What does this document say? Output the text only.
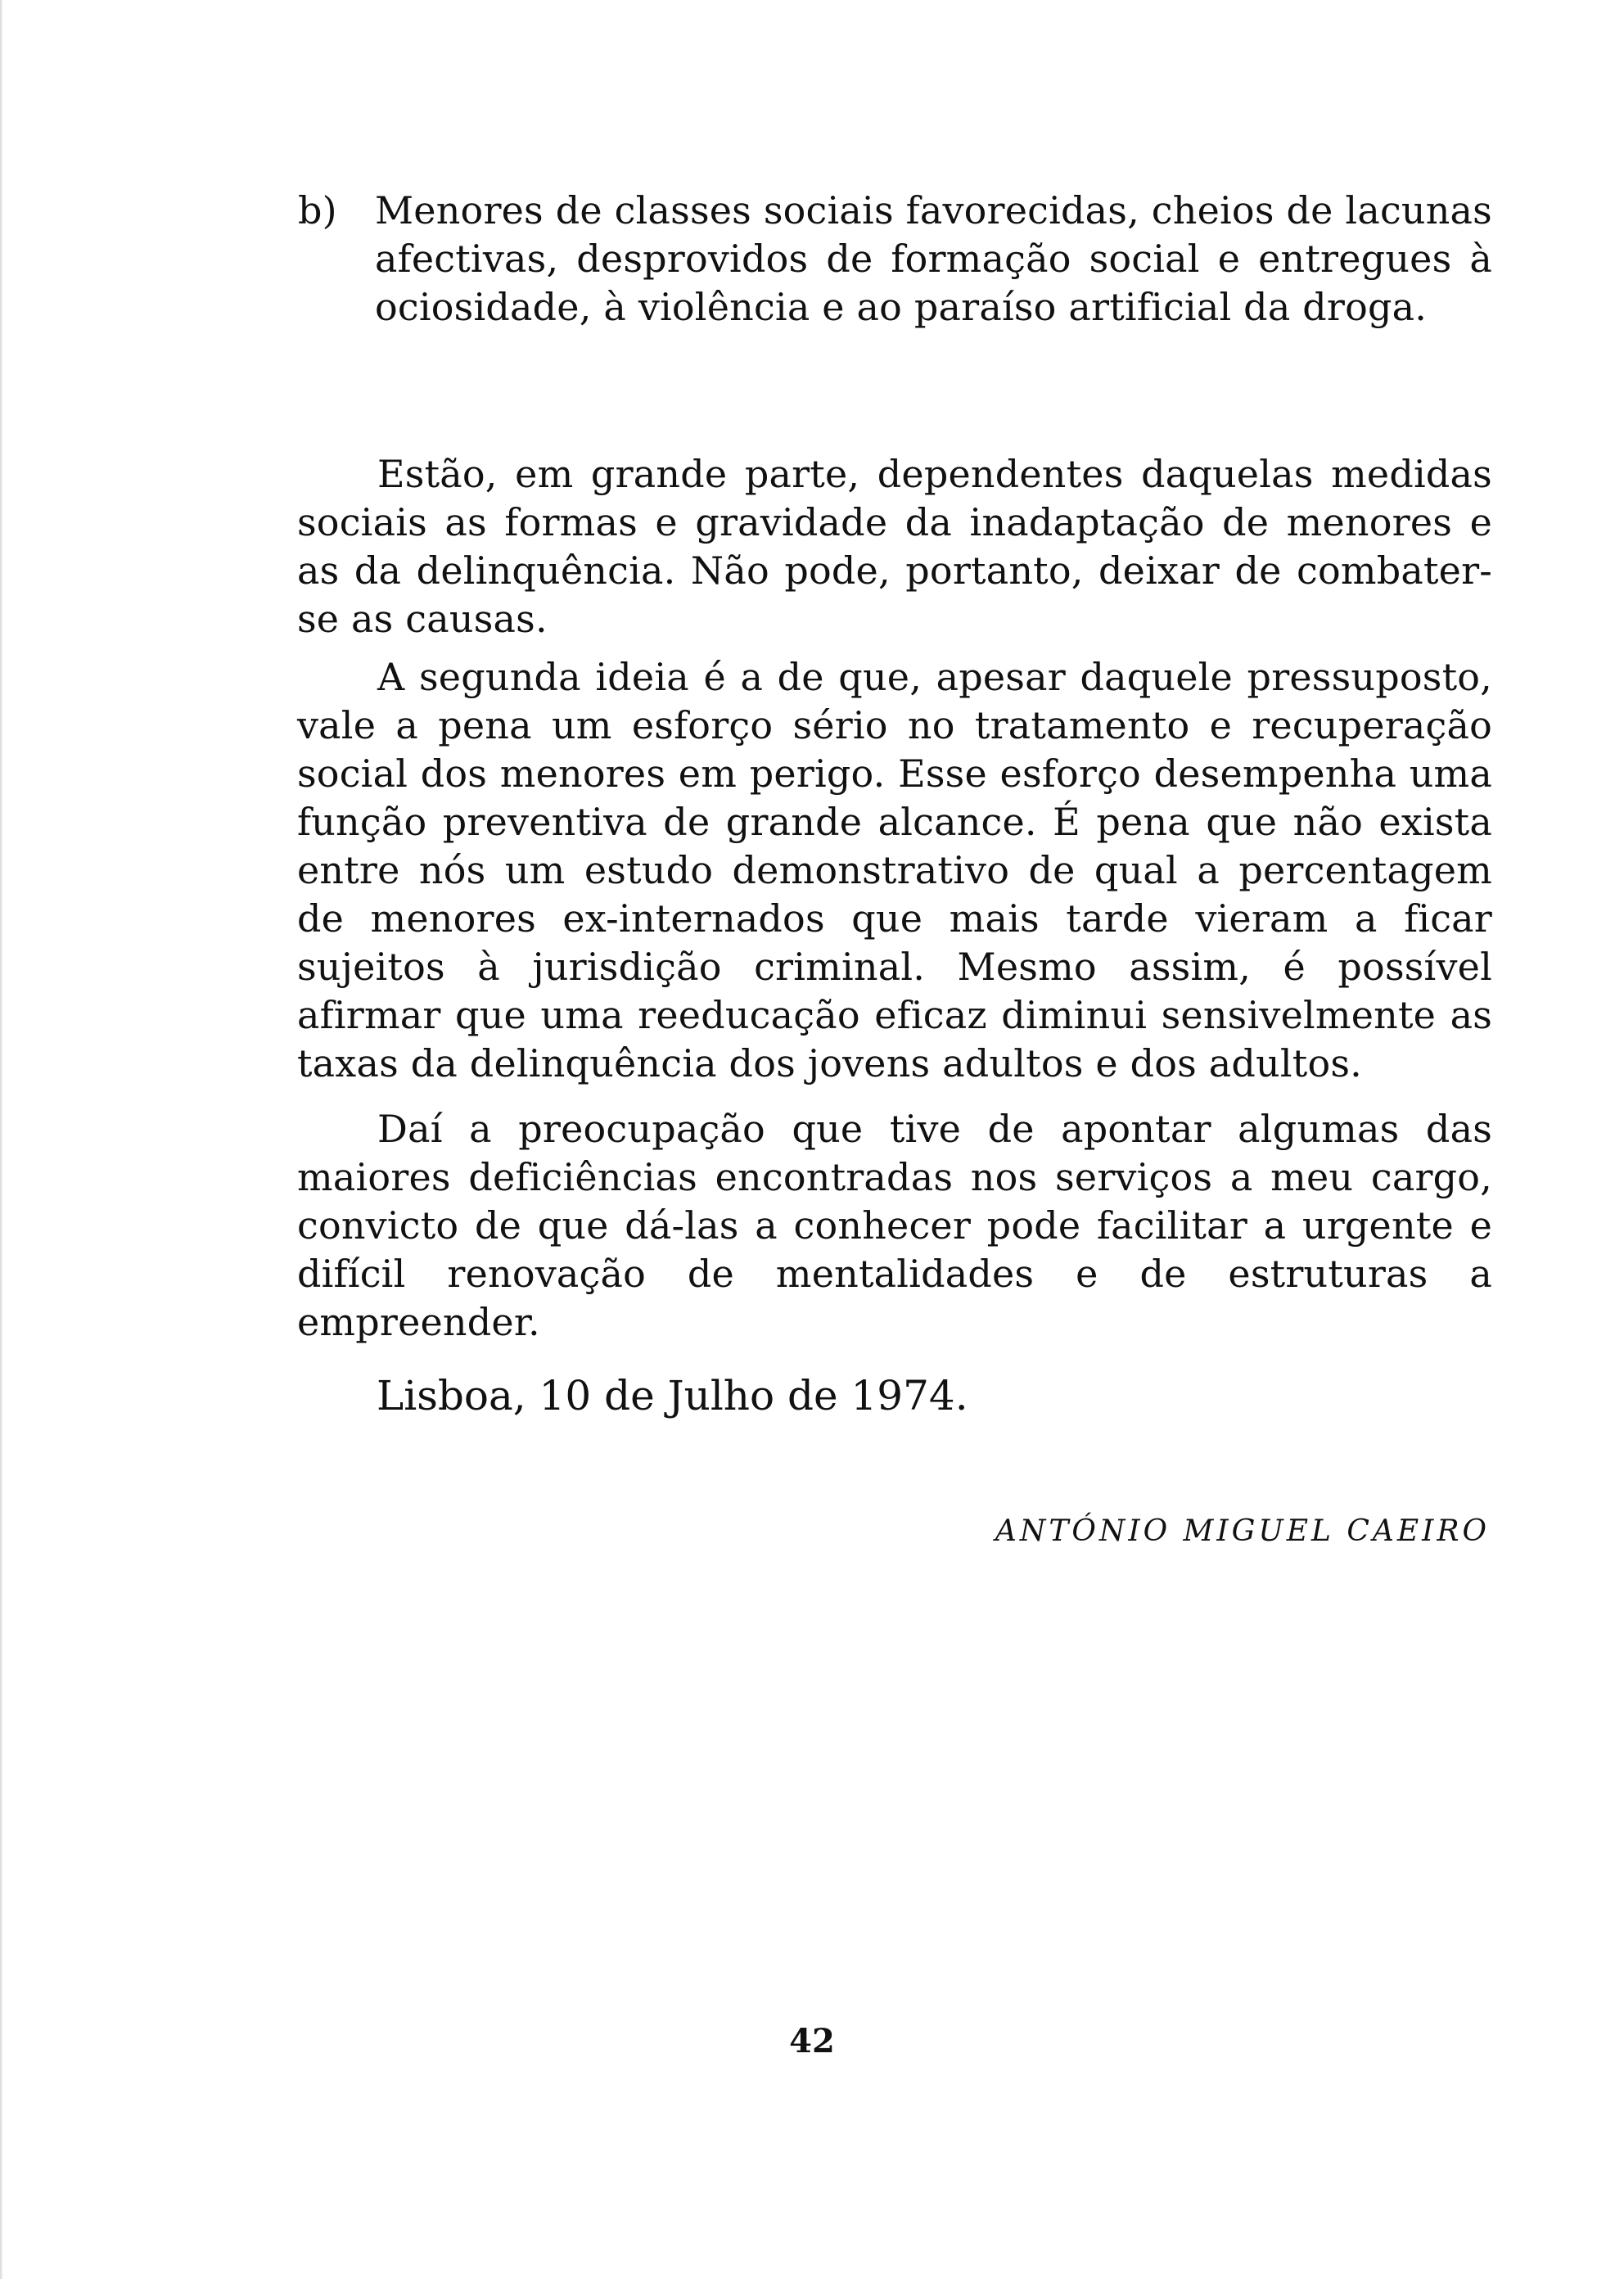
b) Menores de classes sociais favorecidas, cheios de lacunas afectivas, desprovidos de formação social e entregues à ociosidade, à violência e ao paraíso artificial da droga.

Estão, em grande parte, dependentes daquelas medidas sociais as formas e gravidade da inadaptação de menores e as da delinquência. Não pode, portanto, deixar de combater-se as causas.

A segunda ideia é a de que, apesar daquele pressuposto, vale a pena um esforço sério no tratamento e recuperação social dos menores em perigo. Esse esforço desempenha uma função preventiva de grande alcance. É pena que não exista entre nós um estudo demonstrativo de qual a percentagem de menores ex-internados que mais tarde vieram a ficar sujeitos à jurisdição criminal. Mesmo assim, é possível afirmar que uma reeducação eficaz diminui sensivelmente as taxas da delinquência dos jovens adultos e dos adultos.

Daí a preocupação que tive de apontar algumas das maiores deficiências encontradas nos serviços a meu cargo, convicto de que dá-las a conhecer pode facilitar a urgente e difícil renovação de mentalidades e de estruturas a empreender.

Lisboa, 10 de Julho de 1974.
ANTÓNIO MIGUEL CAEIRO
42
